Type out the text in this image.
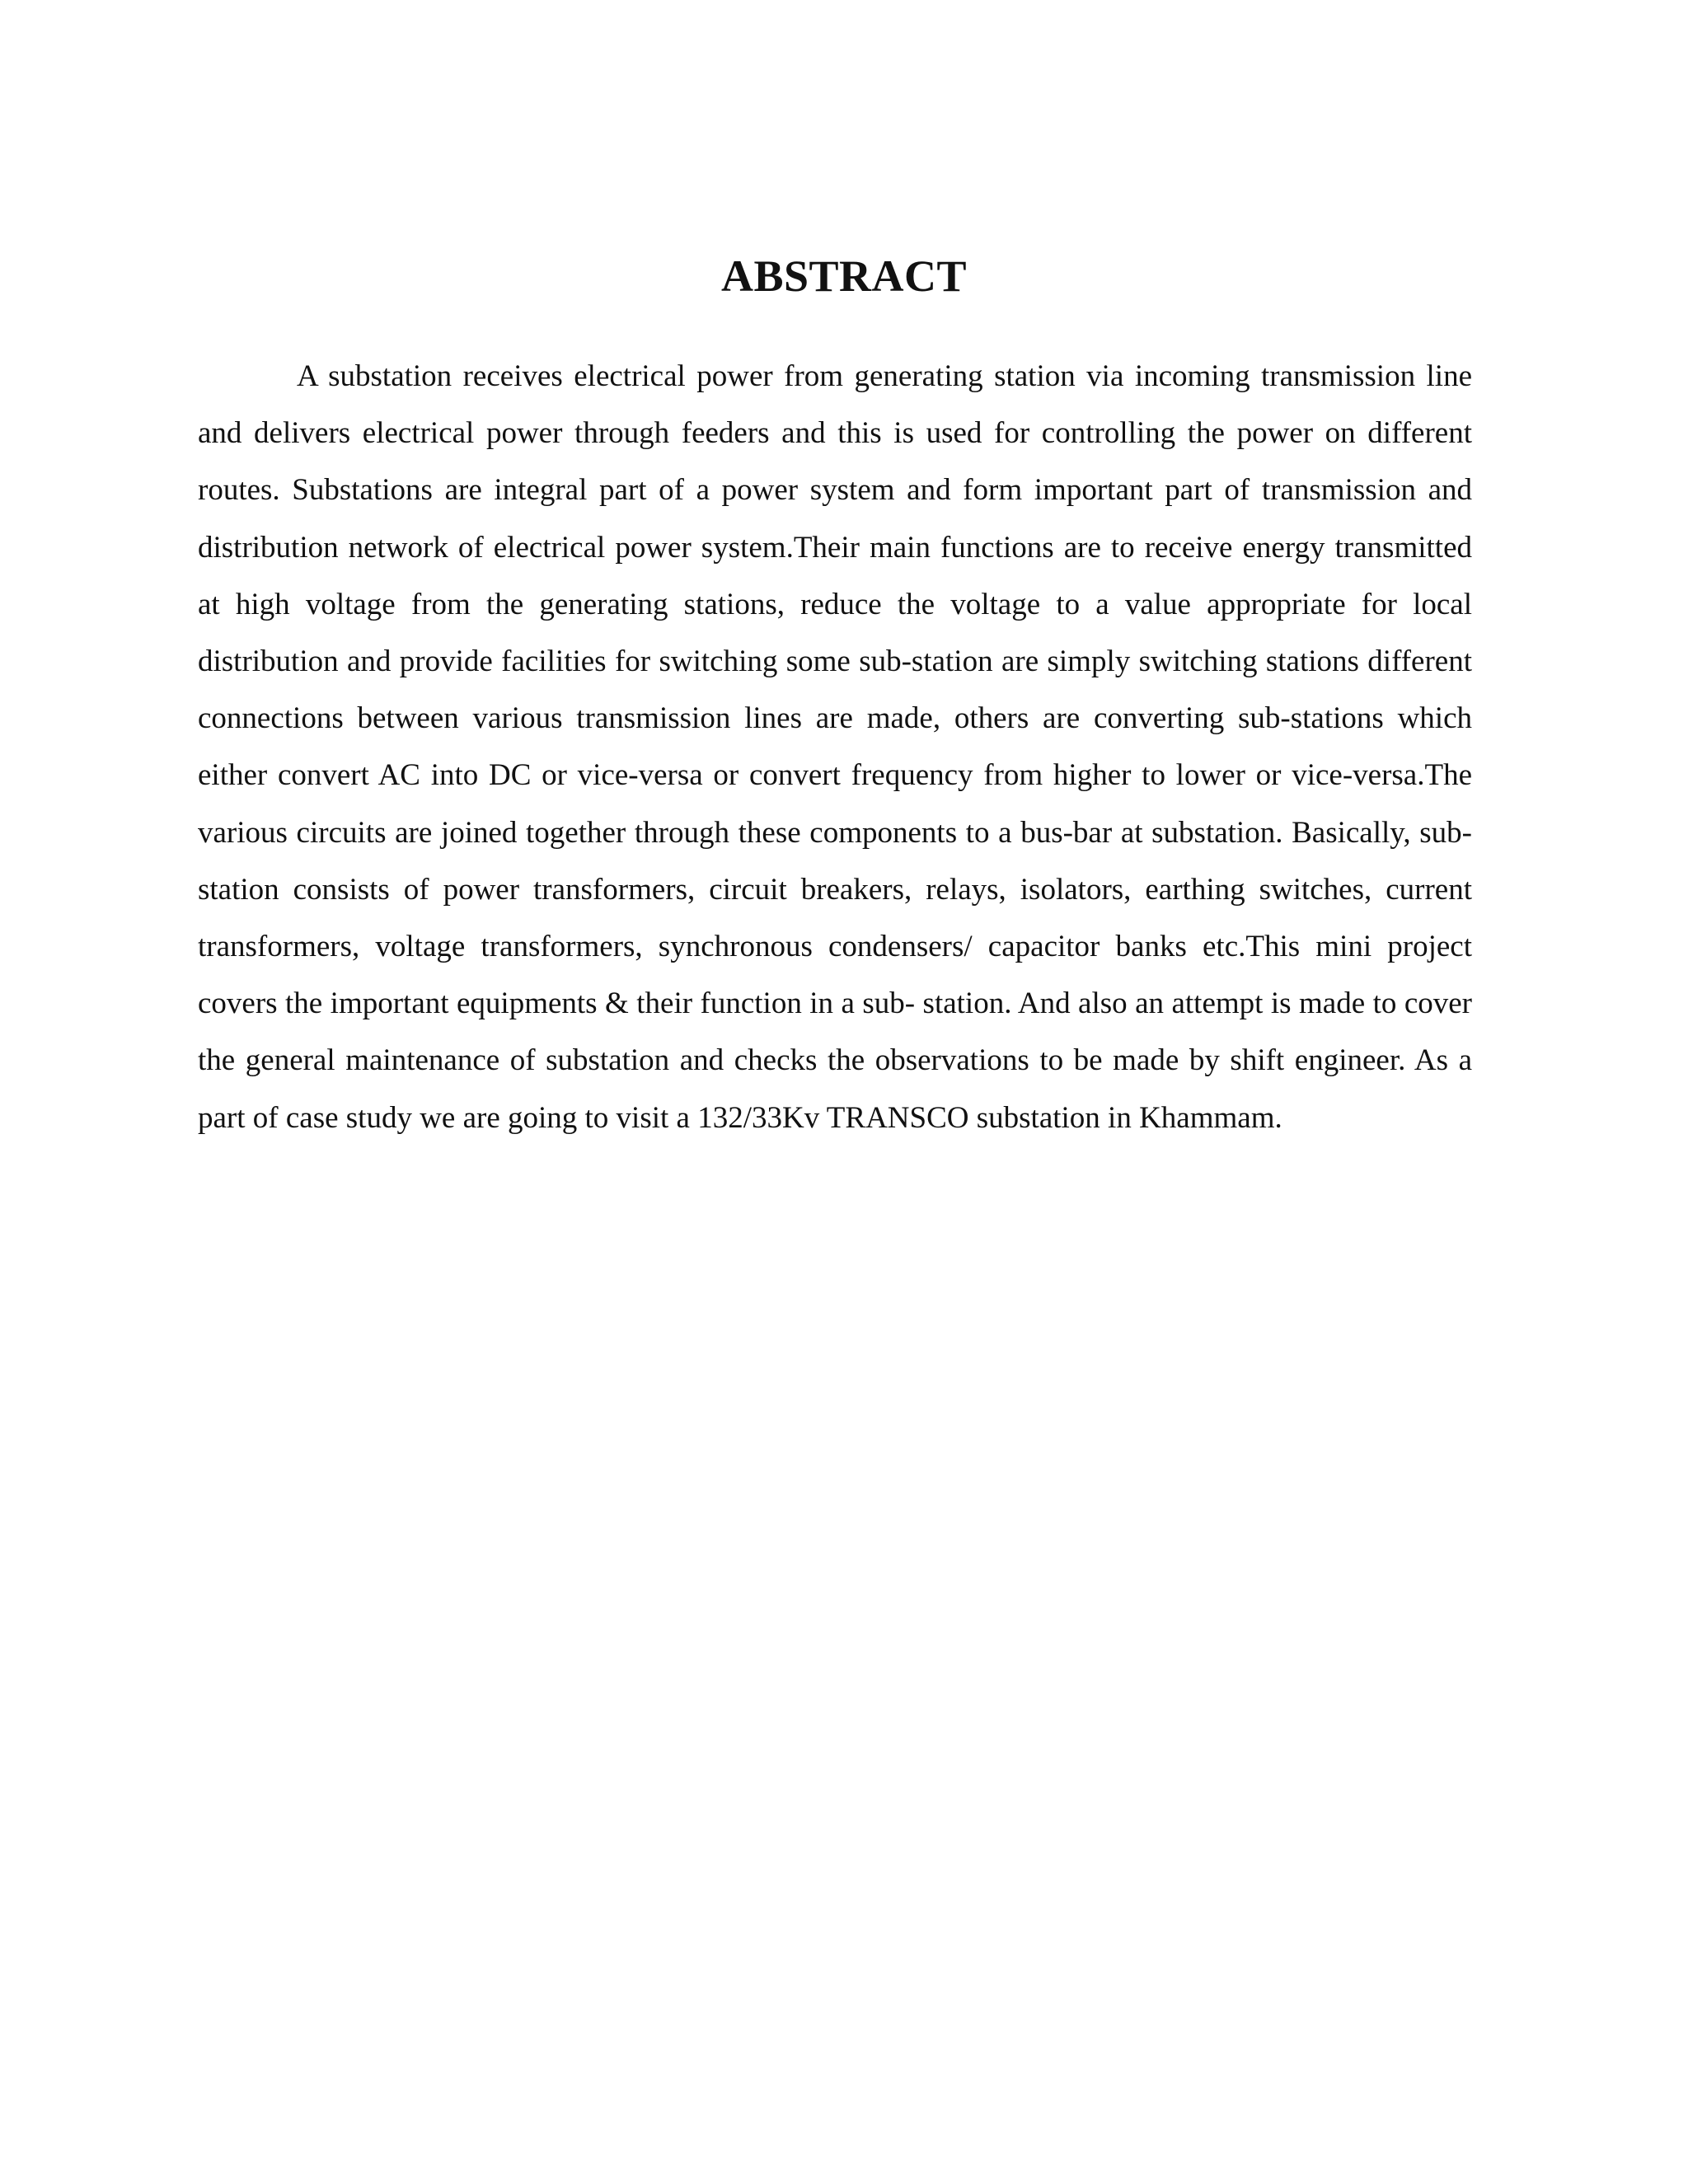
ABSTRACT

A substation receives electrical power from generating station via incoming transmission line and delivers electrical power through feeders and this is used for controlling the power on different routes. Substations are integral part of a power system and form important part of transmission and distribution network of electrical power system.Their main functions are to receive energy transmitted at high voltage from the generating stations, reduce the voltage to a value appropriate for local distribution and provide facilities for switching some sub-station are simply switching stations different connections between various transmission lines are made, others are converting sub-stations which either convert AC into DC or vice-versa or convert frequency from higher to lower or vice-versa.The various circuits are joined together through these components to a bus-bar at substation. Basically, sub-station consists of power transformers, circuit breakers, relays, isolators, earthing switches, current transformers, voltage transformers, synchronous condensers/ capacitor banks etc.This mini project covers the important equipments & their function in a sub- station. And also an attempt is made to cover the general maintenance of substation and checks the observations to be made by shift engineer. As a part of case study we are going to visit a 132/33Kv TRANSCO substation in Khammam.
